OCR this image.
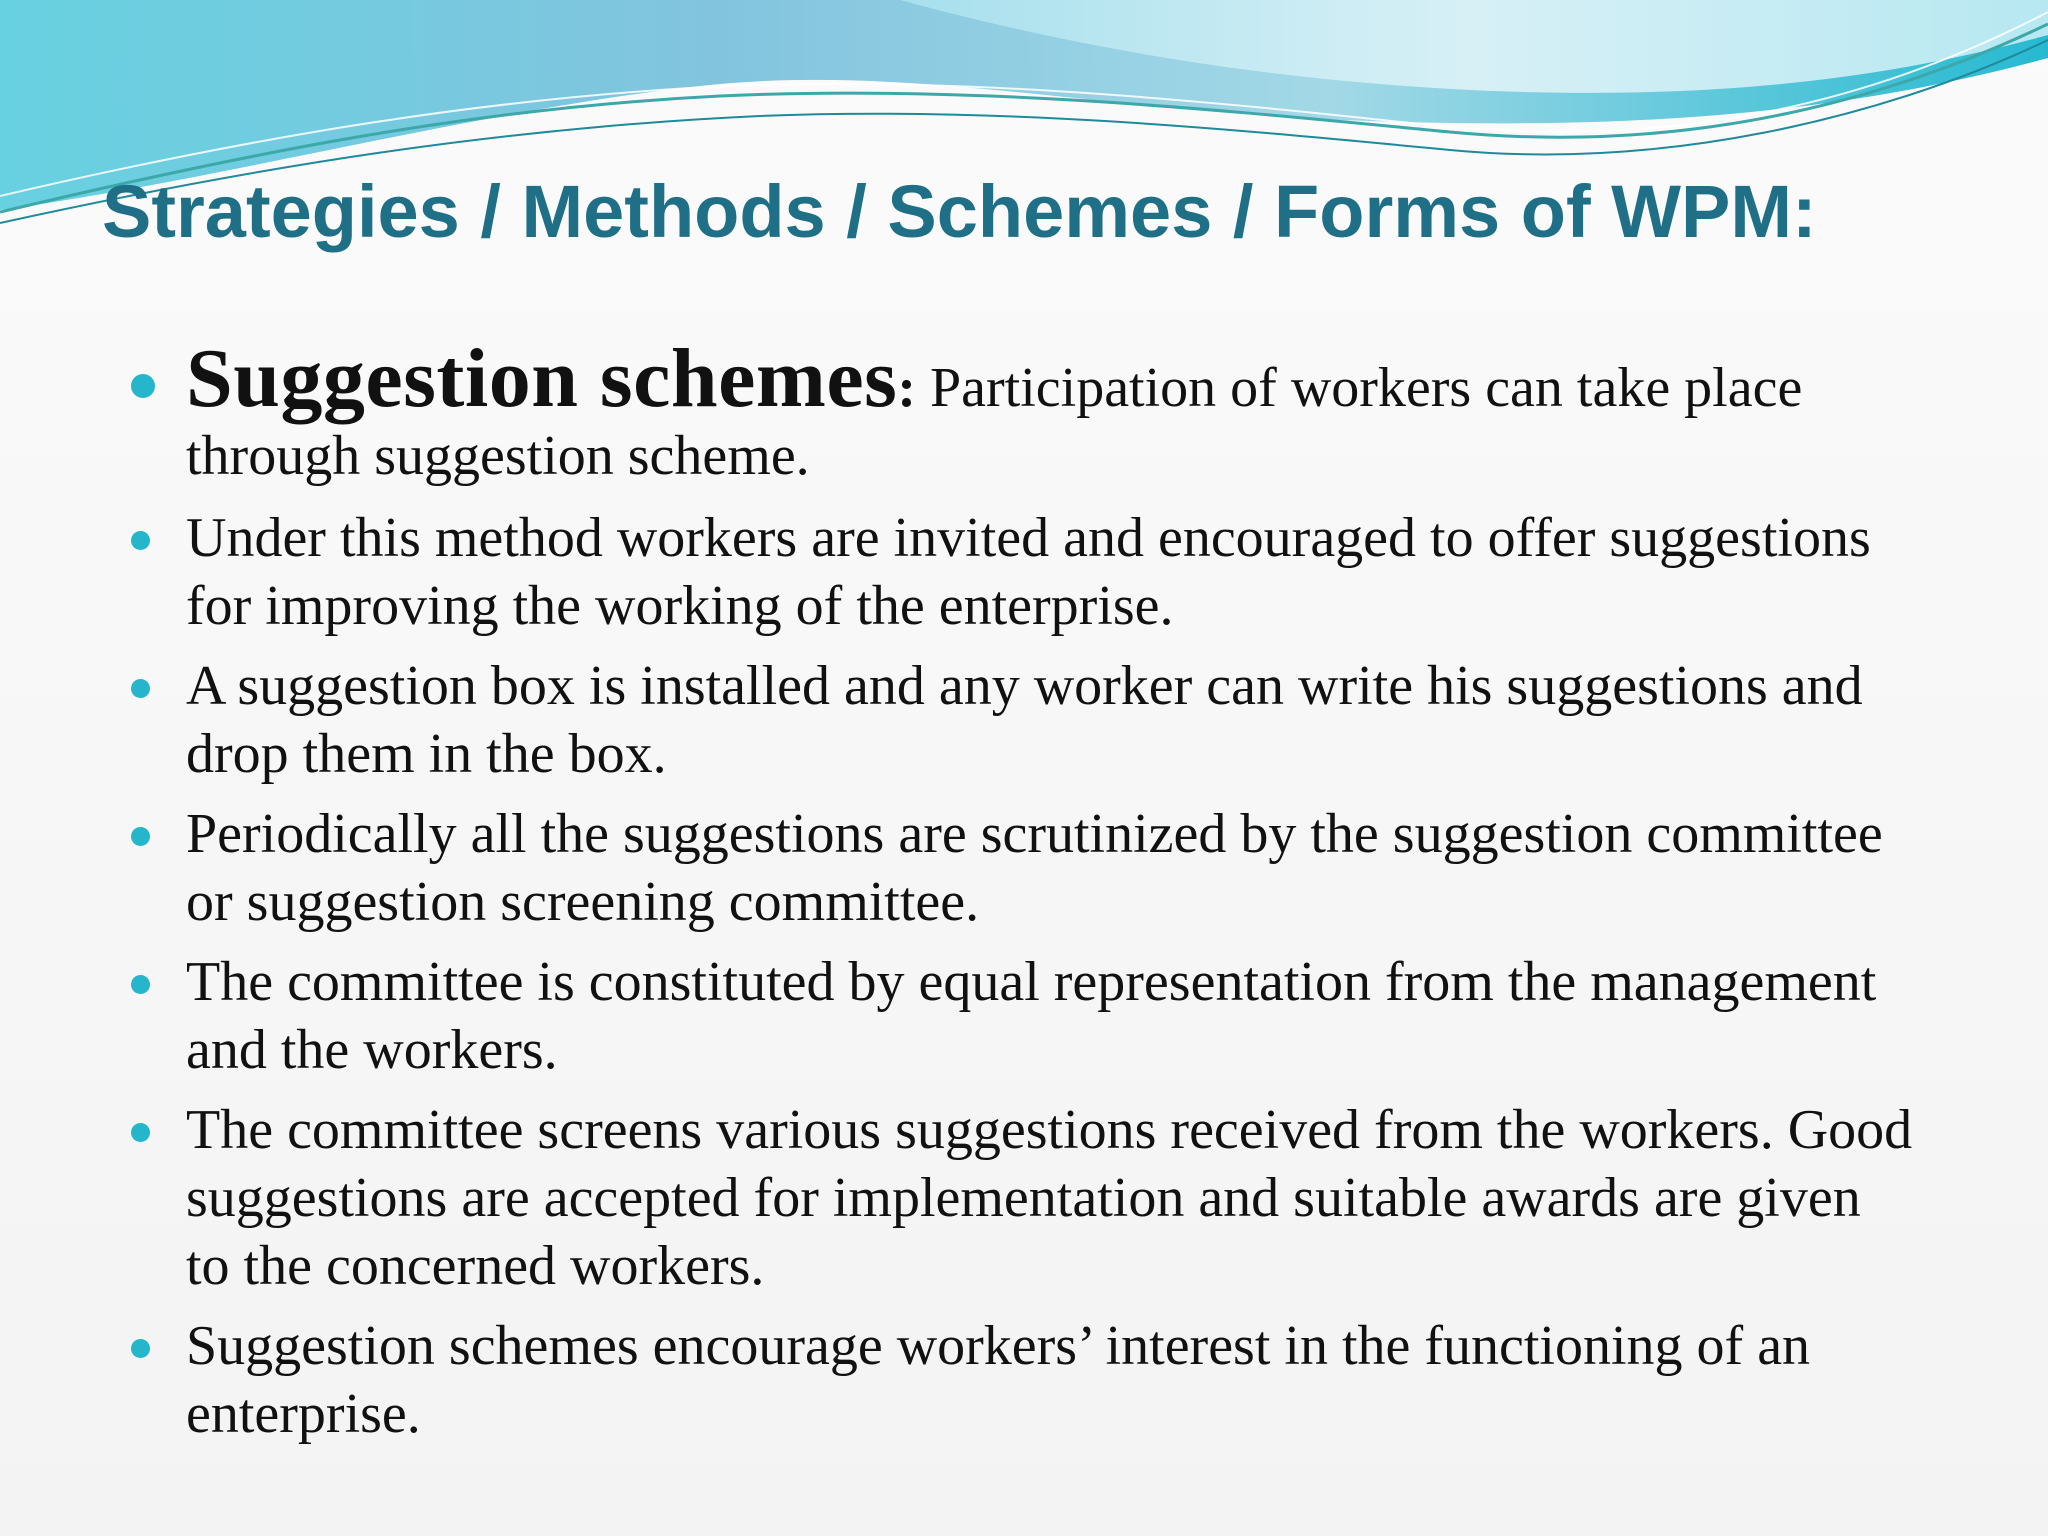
Strategies / Methods / Schemes / Forms of WPM:
Suggestion schemes: Participation of workers can take place through suggestion scheme.
Under this method workers are invited and encouraged to offer suggestions for improving the working of the enterprise.
A suggestion box is installed and any worker can write his suggestions and drop them in the box.
Periodically all the suggestions are scrutinized by the suggestion committee or suggestion screening committee.
The committee is constituted by equal representation from the management and the workers.
The committee screens various suggestions received from the workers. Good suggestions are accepted for implementation and suitable awards are given to the concerned workers.
Suggestion schemes encourage workers’ interest in the functioning of an enterprise.
